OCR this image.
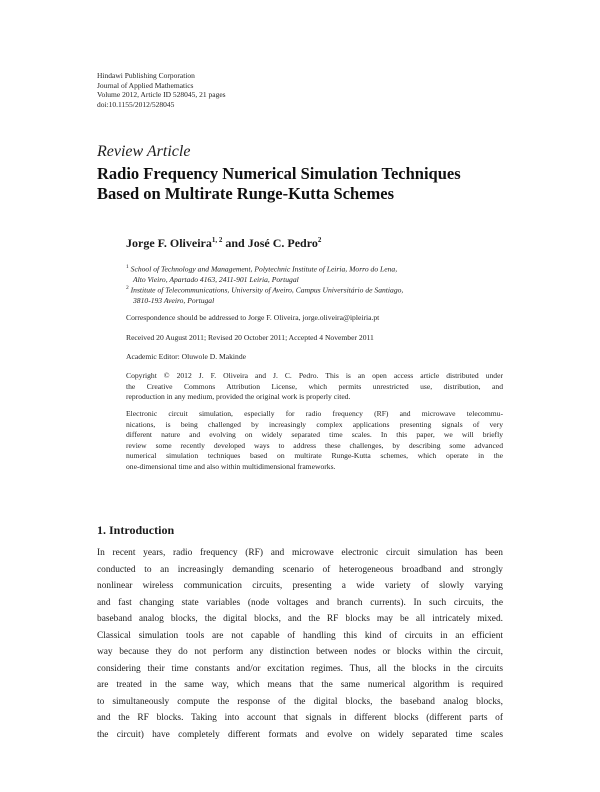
Hindawi Publishing Corporation
Journal of Applied Mathematics
Volume 2012, Article ID 528045, 21 pages
doi:10.1155/2012/528045
Review Article
Radio Frequency Numerical Simulation Techniques
Based on Multirate Runge-Kutta Schemes
Jorge F. Oliveira$^{1, 2}$ and José C. Pedro$^2$
$^1$ School of Technology and Management, Polytechnic Institute of Leiria, Morro do Lena,
Alto Vieiro, Apartado 4163, 2411-901 Leiria, Portugal
$^2$ Institute of Telecommunications, University of Aveiro, Campus Universitário de Santiago,
3810-193 Aveiro, Portugal
Correspondence should be addressed to Jorge F. Oliveira, jorge.oliveira@ipleiria.pt
Received 20 August 2011; Revised 20 October 2011; Accepted 4 November 2011
Academic Editor: Oluwole D. Makinde
Copyright © 2012 J. F. Oliveira and J. C. Pedro. This is an open access article distributed under
the Creative Commons Attribution License, which permits unrestricted use, distribution, and
reproduction in any medium, provided the original work is properly cited.
Electronic circuit simulation, especially for radio frequency (RF) and microwave telecommu-
nications, is being challenged by increasingly complex applications presenting signals of very
different nature and evolving on widely separated time scales. In this paper, we will briefly
review some recently developed ways to address these challenges, by describing some advanced
numerical simulation techniques based on multirate Runge-Kutta schemes, which operate in the
one-dimensional time and also within multidimensional frameworks.
1. Introduction
In recent years, radio frequency (RF) and microwave electronic circuit simulation has been
conducted to an increasingly demanding scenario of heterogeneous broadband and strongly
nonlinear wireless communication circuits, presenting a wide variety of slowly varying
and fast changing state variables (node voltages and branch currents). In such circuits, the
baseband analog blocks, the digital blocks, and the RF blocks may be all intricately mixed.
Classical simulation tools are not capable of handling this kind of circuits in an efficient
way because they do not perform any distinction between nodes or blocks within the circuit,
considering their time constants and/or excitation regimes. Thus, all the blocks in the circuits
are treated in the same way, which means that the same numerical algorithm is required
to simultaneously compute the response of the digital blocks, the baseband analog blocks,
and the RF blocks. Taking into account that signals in different blocks (different parts of
the circuit) have completely different formats and evolve on widely separated time scales
